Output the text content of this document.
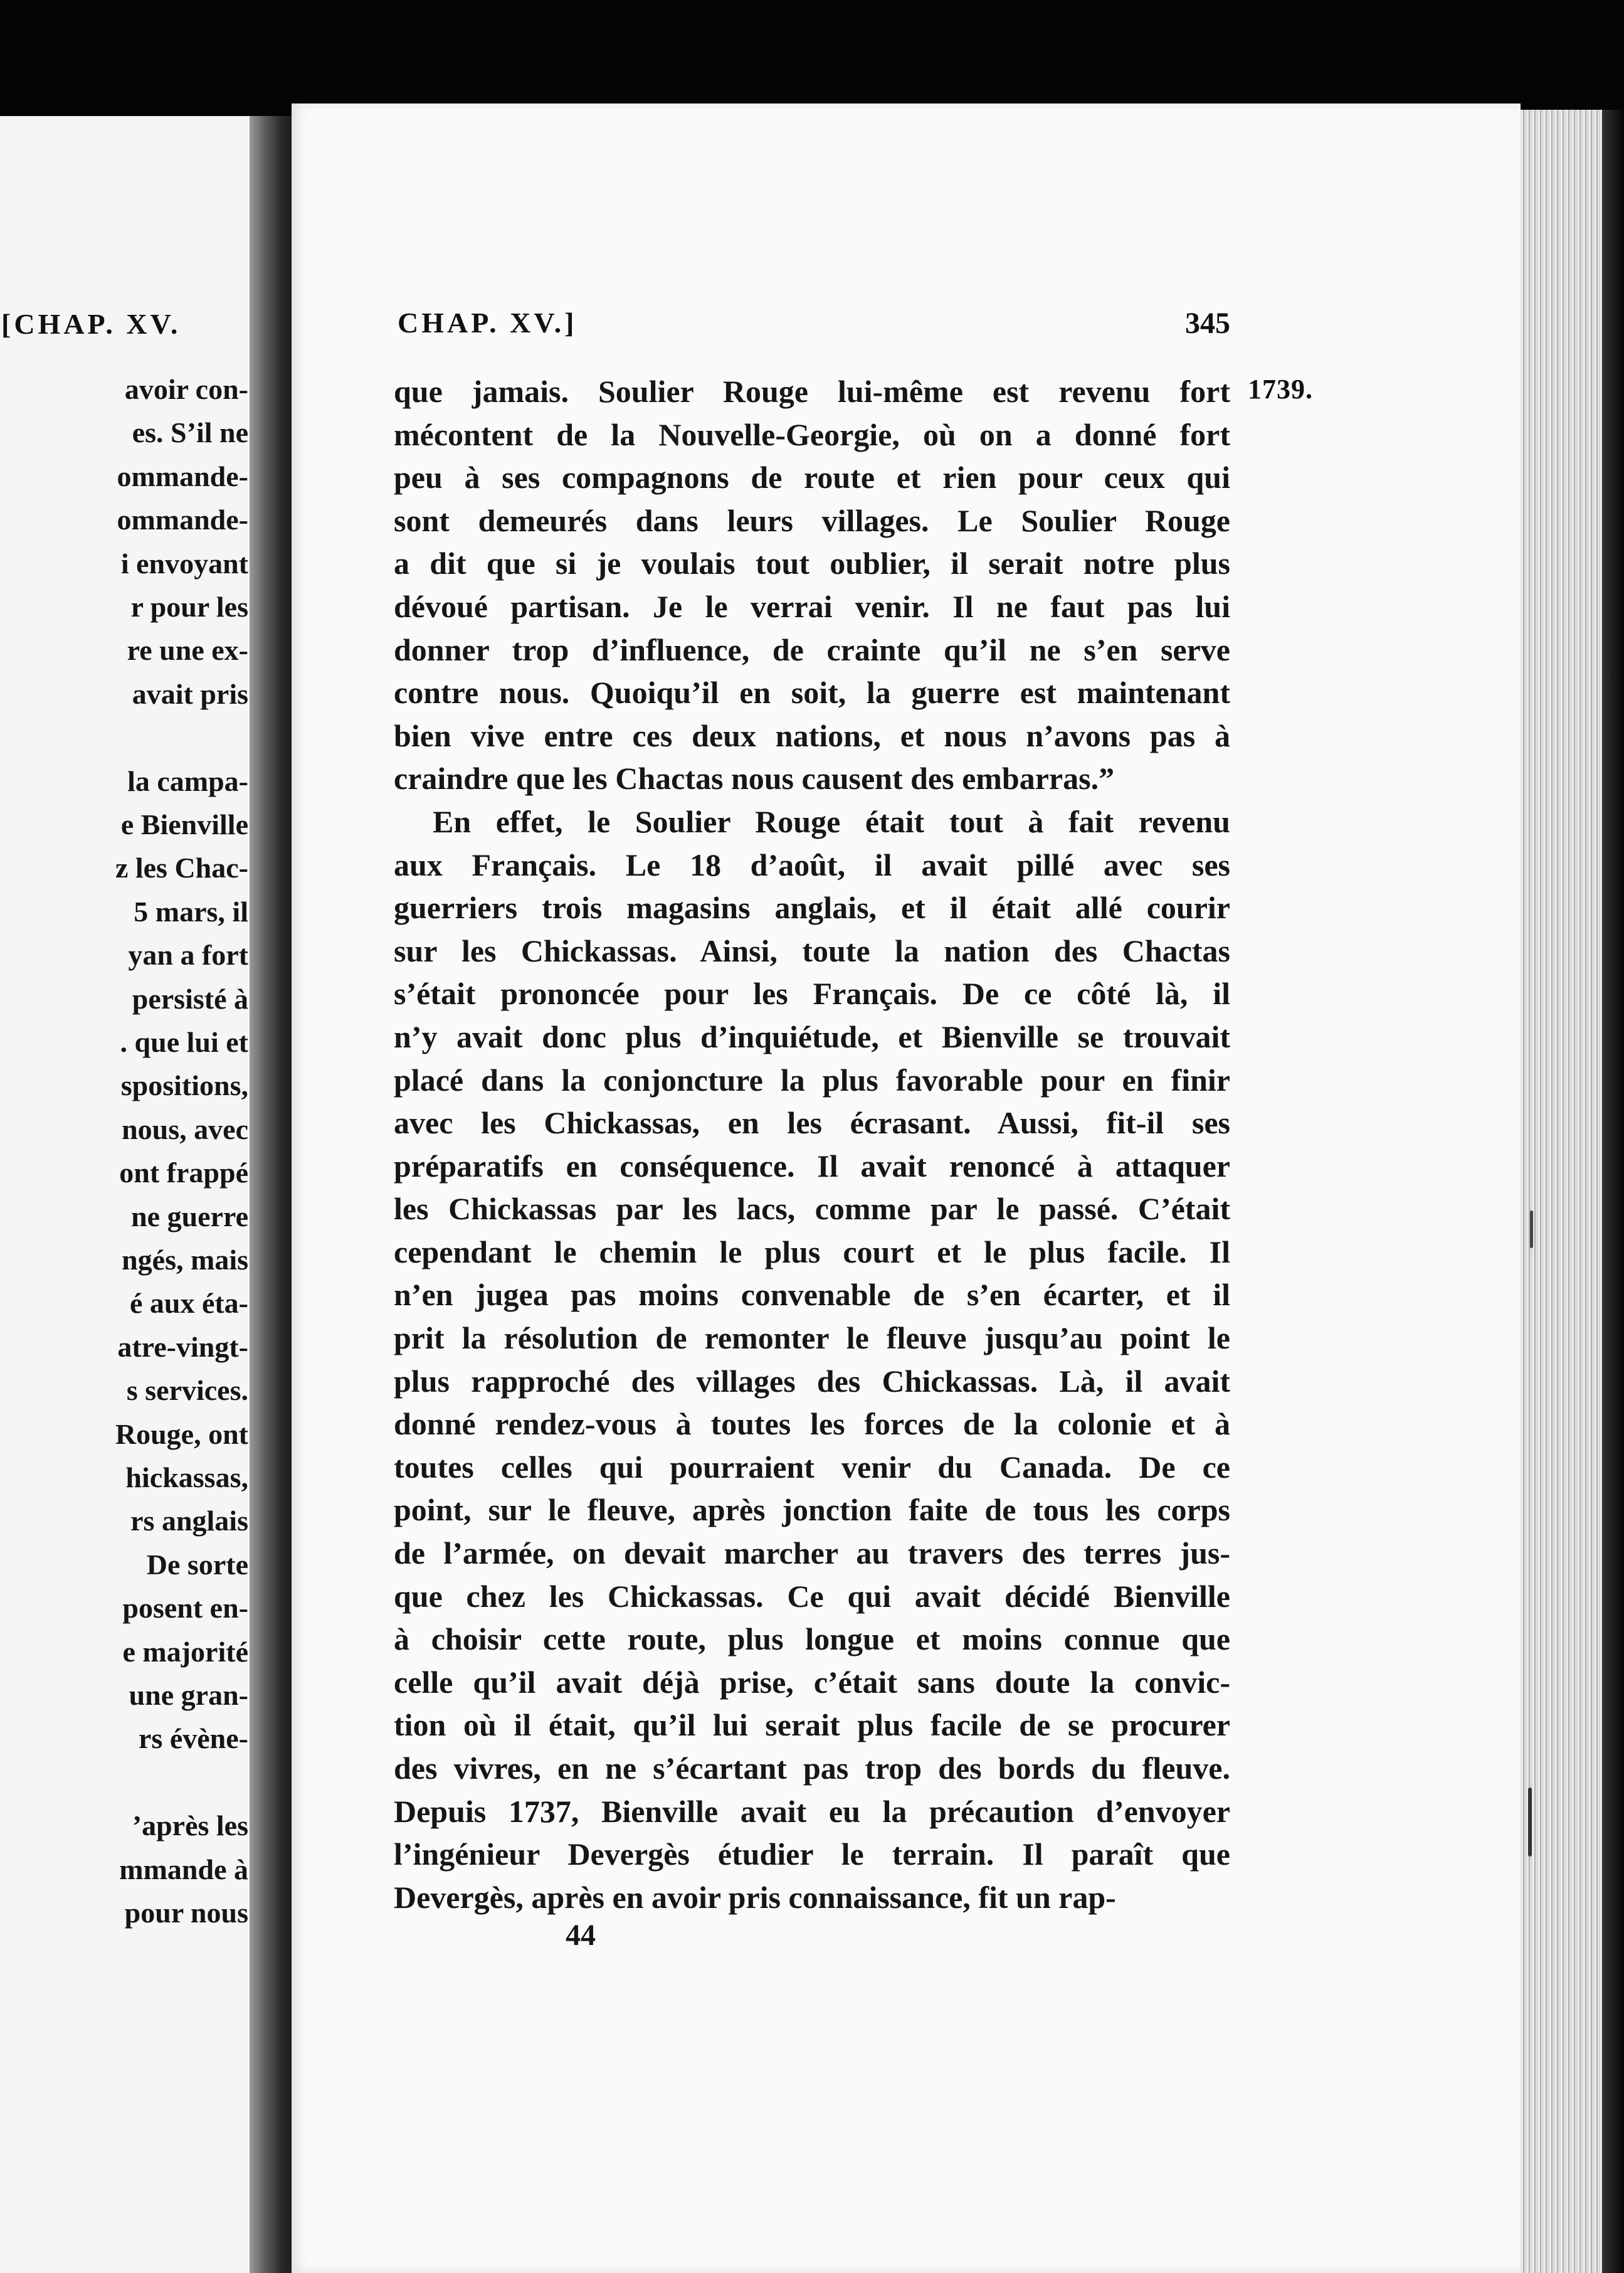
[CHAP. XV.

avoir con-

es. S’il ne

ommande-

ommande-

i envoyant

r pour les

re une ex-

avait pris

la campa-

e Bienville

z les Chac-

5 mars, il

yan a fort

persisté à

. que lui et

spositions,

nous, avec

ont frappé

ne guerre

ngés, mais

é aux éta-

atre-vingt-

s services.

Rouge, ont

hickassas,

rs anglais

De sorte

posent en-

e majorité

une gran-

rs évène-

’après les

mmande à

pour nous

CHAP. XV.]	345

1739.

que jamais. Soulier Rouge lui-même est revenu fort

mécontent de la Nouvelle-Georgie, où on a donné fort

peu à ses compagnons de route et rien pour ceux qui

sont demeurés dans leurs villages. Le Soulier Rouge

a dit que si je voulais tout oublier, il serait notre plus

dévoué partisan. Je le verrai venir. Il ne faut pas lui

donner trop d’influence, de crainte qu’il ne s’en serve

contre nous. Quoiqu’il en soit, la guerre est maintenant

bien vive entre ces deux nations, et nous n’avons pas à

craindre que les Chactas nous causent des embarras.”

En effet, le Soulier Rouge était tout à fait revenu

aux Français. Le 18 d’août, il avait pillé avec ses

guerriers trois magasins anglais, et il était allé courir

sur les Chickassas. Ainsi, toute la nation des Chactas

s’était prononcée pour les Français. De ce côté là, il

n’y avait donc plus d’inquiétude, et Bienville se trouvait

placé dans la conjoncture la plus favorable pour en finir

avec les Chickassas, en les écrasant. Aussi, fit-il ses

préparatifs en conséquence. Il avait renoncé à attaquer

les Chickassas par les lacs, comme par le passé. C’était

cependant le chemin le plus court et le plus facile. Il

n’en jugea pas moins convenable de s’en écarter, et il

prit la résolution de remonter le fleuve jusqu’au point le

plus rapproché des villages des Chickassas. Là, il avait

donné rendez-vous à toutes les forces de la colonie et à

toutes celles qui pourraient venir du Canada. De ce

point, sur le fleuve, après jonction faite de tous les corps

de l’armée, on devait marcher au travers des terres jus-

que chez les Chickassas. Ce qui avait décidé Bienville

à choisir cette route, plus longue et moins connue que

celle qu’il avait déjà prise, c’était sans doute la convic-

tion où il était, qu’il lui serait plus facile de se procurer

des vivres, en ne s’écartant pas trop des bords du fleuve.

Depuis 1737, Bienville avait eu la précaution d’envoyer

l’ingénieur Devergès étudier le terrain. Il paraît que

Devergès, après en avoir pris connaissance, fit un rap-

44
